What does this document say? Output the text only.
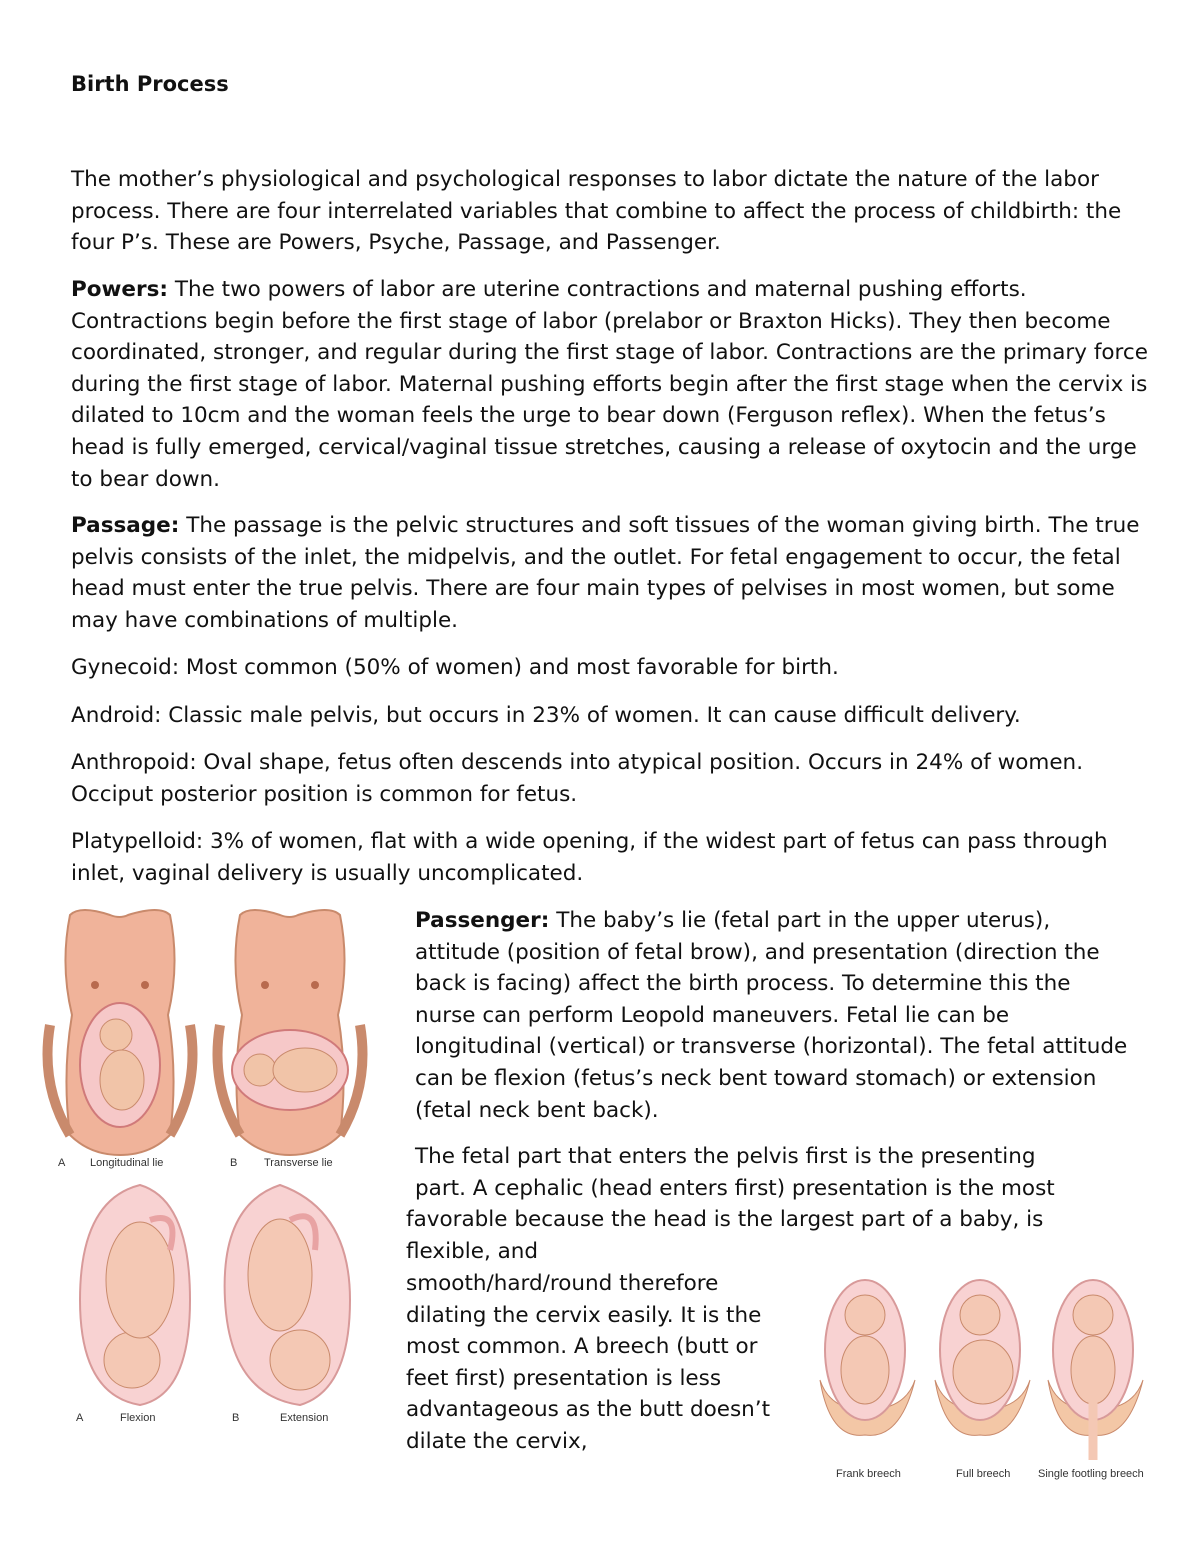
Birth Process

The mother’s physiological and psychological responses to labor dictate the nature of the labor process. There are four interrelated variables that combine to affect the process of childbirth: the four P’s. These are Powers, Psyche, Passage, and Passenger.

Powers: The two powers of labor are uterine contractions and maternal pushing efforts. Contractions begin before the first stage of labor (prelabor or Braxton Hicks). They then become coordinated, stronger, and regular during the first stage of labor. Contractions are the primary force during the first stage of labor. Maternal pushing efforts begin after the first stage when the cervix is dilated to 10cm and the woman feels the urge to bear down (Ferguson reflex). When the fetus’s head is fully emerged, cervical/vaginal tissue stretches, causing a release of oxytocin and the urge to bear down.

Passage: The passage is the pelvic structures and soft tissues of the woman giving birth. The true pelvis consists of the inlet, the midpelvis, and the outlet. For fetal engagement to occur, the fetal head must enter the true pelvis. There are four main types of pelvises in most women, but some may have combinations of multiple.

Gynecoid: Most common (50% of women) and most favorable for birth.

Android: Classic male pelvis, but occurs in 23% of women. It can cause difficult delivery.

Anthropoid: Oval shape, fetus often descends into atypical position. Occurs in 24% of women. Occiput posterior position is common for fetus.

Platypelloid: 3% of women, flat with a wide opening, if the widest part of fetus can pass through inlet, vaginal delivery is usually uncomplicated.

Passenger: The baby’s lie (fetal part in the upper uterus), attitude (position of fetal brow), and presentation (direction the back is facing) affect the birth process. To determine this the nurse can perform Leopold maneuvers. Fetal lie can be longitudinal (vertical) or transverse (horizontal). The fetal attitude can be flexion (fetus’s neck bent toward stomach) or extension (fetal neck bent back).

The fetal part that enters the pelvis first is the presenting
part. A cephalic (head enters first) presentation is the most
favorable because the head is the largest part of a baby, is
flexible, and

smooth/hard/round therefore dilating the cervix easily. It is the most common. A breech (butt or feet first) presentation is less advantageous as the butt doesn’t dilate the cervix,

A Longitudinal lie	B Transverse lie
A	Flexion	B	Extension
Frank breech	Full breech	Single footling breech
